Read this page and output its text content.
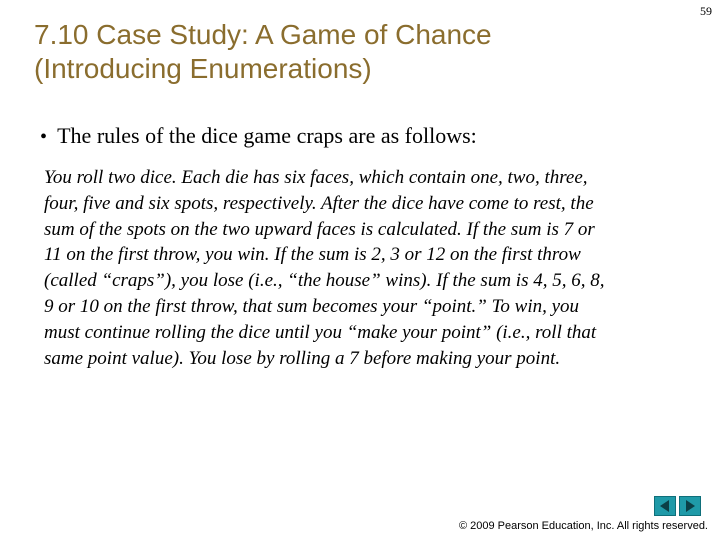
59
7.10 Case Study: A Game of Chance
(Introducing Enumerations)
• The rules of the dice game craps are as follows:
You roll two dice. Each die has six faces, which contain one, two, three,
four, five and six spots, respectively. After the dice have come to rest, the
sum of the spots on the two upward faces is calculated. If the sum is 7 or
11 on the first throw, you win. If the sum is 2, 3 or 12 on the first throw
(called “craps”), you lose (i.e., “the house” wins). If the sum is 4, 5, 6, 8,
9 or 10 on the first throw, that sum becomes your “point.” To win, you
must continue rolling the dice until you “make your point” (i.e., roll that
same point value). You lose by rolling a 7 before making your point.
© 2009 Pearson Education, Inc. All rights reserved.
